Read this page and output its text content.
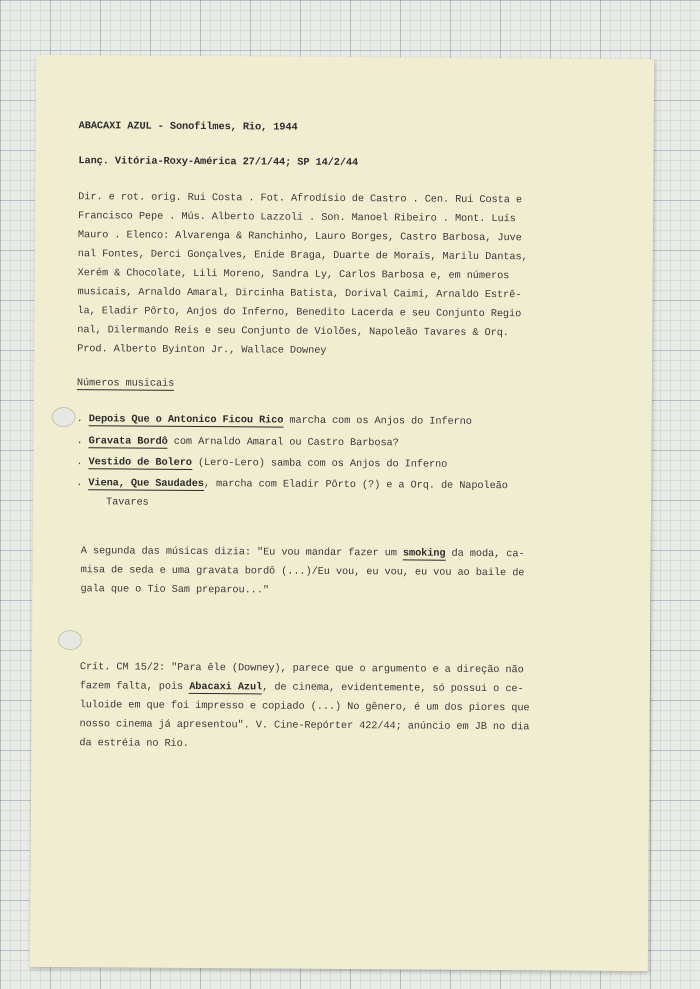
ABACAXI AZUL - Sonofilmes, Rio, 1944
Lanç. Vitória-Roxy-América 27/1/44; SP 14/2/44
Dir. e rot. orig. Rui Costa . Fot. Afrodísio de Castro . Cen. Rui Costa e
Francisco Pepe . Mús. Alberto Lazzoli . Son. Manoel Ribeiro . Mont. Luís
Mauro . Elenco: Alvarenga & Ranchinho, Lauro Borges, Castro Barbosa, Juve
nal Fontes, Derci Gonçalves, Enide Braga, Duarte de Morais, Marilu Dantas,
Xerém & Chocolate, Lili Moreno, Sandra Ly, Carlos Barbosa e, em números
musicais, Arnaldo Amaral, Dircinha Batista, Dorival Caimi, Arnaldo Estrê-
la, Eladir Pôrto, Anjos do Inferno, Benedito Lacerda e seu Conjunto Regio
nal, Dilermando Reis e seu Conjunto de Violões, Napoleão Tavares & Orq.
Prod. Alberto Byinton Jr., Wallace Downey
Números musicais
. Depois Que o Antonico Ficou Rico marcha com os Anjos do Inferno
. Gravata Bordô com Arnaldo Amaral ou Castro Barbosa?
. Vestido de Bolero (Lero-Lero) samba com os Anjos do Inferno
. Viena, Que Saudades, marcha com Eladir Pôrto (?) e a Orq. de Napoleão
Tavares
A segunda das músicas dizia: "Eu vou mandar fazer um smoking da moda, ca-
misa de seda e uma gravata bordô (...)/Eu vou, eu vou, eu vou ao baile de
gala que o Tio Sam preparou..."
Crít. CM 15/2: "Para êle (Downey), parece que o argumento e a direção não
fazem falta, pois Abacaxi Azul, de cinema, evidentemente, só possui o ce-
luloide em que foi impresso e copiado (...) No gênero, é um dos piores que
nosso cinema já apresentou". V. Cine-Repórter 422/44; anúncio em JB no dia
da estréia no Rio.
